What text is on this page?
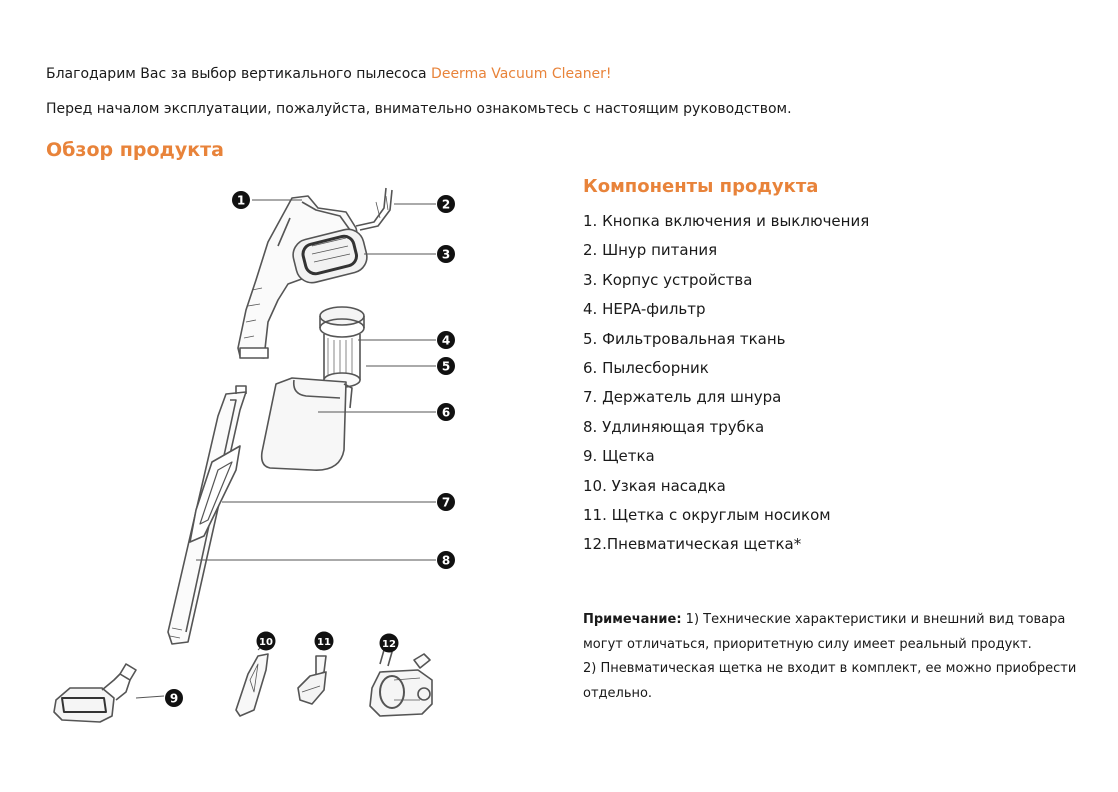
Благодарим Вас за выбор вертикального пылесоса Deerma Vacuum Cleaner!
Перед началом эксплуатации, пожалуйста, внимательно ознакомьтесь с настоящим руководством.
Обзор продукта
1	2
3
4
5
6
7
8
9
10	11	12
Компоненты продукта
1. Кнопка включения и выключения
2. Шнур питания
3. Корпус устройства
4. HEPA-фильтр
5. Фильтровальная ткань
6. Пылесборник
7. Держатель для шнура
8. Удлиняющая трубка
9. Щетка
10. Узкая насадка
11. Щетка с округлым носиком
12.Пневматическая щетка*
Примечание: 1) Технические характеристики и внешний вид товара могут отличаться, приоритетную силу имеет реальный продукт.
2) Пневматическая щетка не входит в комплект, ее можно приобрести отдельно.
